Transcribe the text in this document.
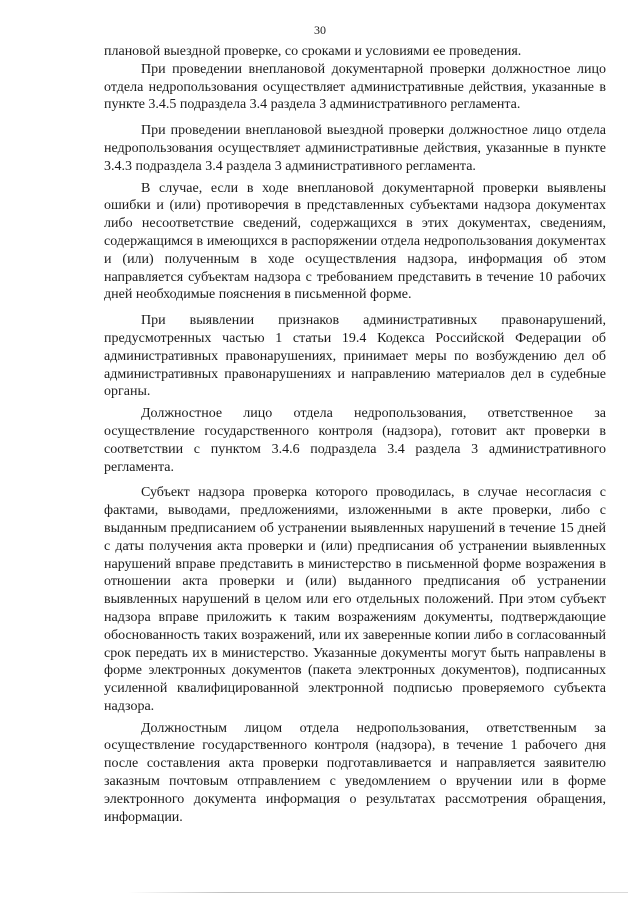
30

плановой выездной проверке, со сроками и условиями ее проведения.

При проведении внеплановой документарной проверки должностное лицо отдела недропользования осуществляет административные действия, указанные в пункте 3.4.5 подраздела 3.4 раздела 3 административного регламента.

При проведении внеплановой выездной проверки должностное лицо отдела недропользования осуществляет административные действия, указанные в пункте 3.4.3 подраздела 3.4 раздела 3 административного регламента.

В случае, если в ходе внеплановой документарной проверки выявлены ошибки и (или) противоречия в представленных субъектами надзора документах либо несоответствие сведений, содержащихся в этих документах, сведениям, содержащимся в имеющихся в распоряжении отдела недропользования документах и (или) полученным в ходе осуществления надзора, информация об этом направляется субъектам надзора с требованием представить в течение 10 рабочих дней необходимые пояснения в письменной форме.

При выявлении признаков административных правонарушений, предусмотренных частью 1 статьи 19.4 Кодекса Российской Федерации об административных правонарушениях, принимает меры по возбуждению дел об административных правонарушениях и направлению материалов дел в судебные органы.

Должностное лицо отдела недропользования, ответственное за осуществление государственного контроля (надзора), готовит акт проверки в соответствии с пунктом 3.4.6 подраздела 3.4 раздела 3 административного регламента.

Субъект надзора проверка которого проводилась, в случае несогласия с фактами, выводами, предложениями, изложенными в акте проверки, либо с выданным предписанием об устранении выявленных нарушений в течение 15 дней с даты получения акта проверки и (или) предписания об устранении выявленных нарушений вправе представить в министерство в письменной форме возражения в отношении акта проверки и (или) выданного предписания об устранении выявленных нарушений в целом или его отдельных положений. При этом субъект надзора вправе приложить к таким возражениям документы, подтверждающие обоснованность таких возражений, или их заверенные копии либо в согласованный срок передать их в министерство. Указанные документы могут быть направлены в форме электронных документов (пакета электронных документов), подписанных усиленной квалифицированной электронной подписью проверяемого субъекта надзора.

Должностным лицом отдела недропользования, ответственным за осуществление государственного контроля (надзора), в течение 1 рабочего дня после составления акта проверки подготавливается и направляется заявителю заказным почтовым отправлением с уведомлением о вручении или в форме электронного документа информация о результатах рассмотрения обращения, информации.
